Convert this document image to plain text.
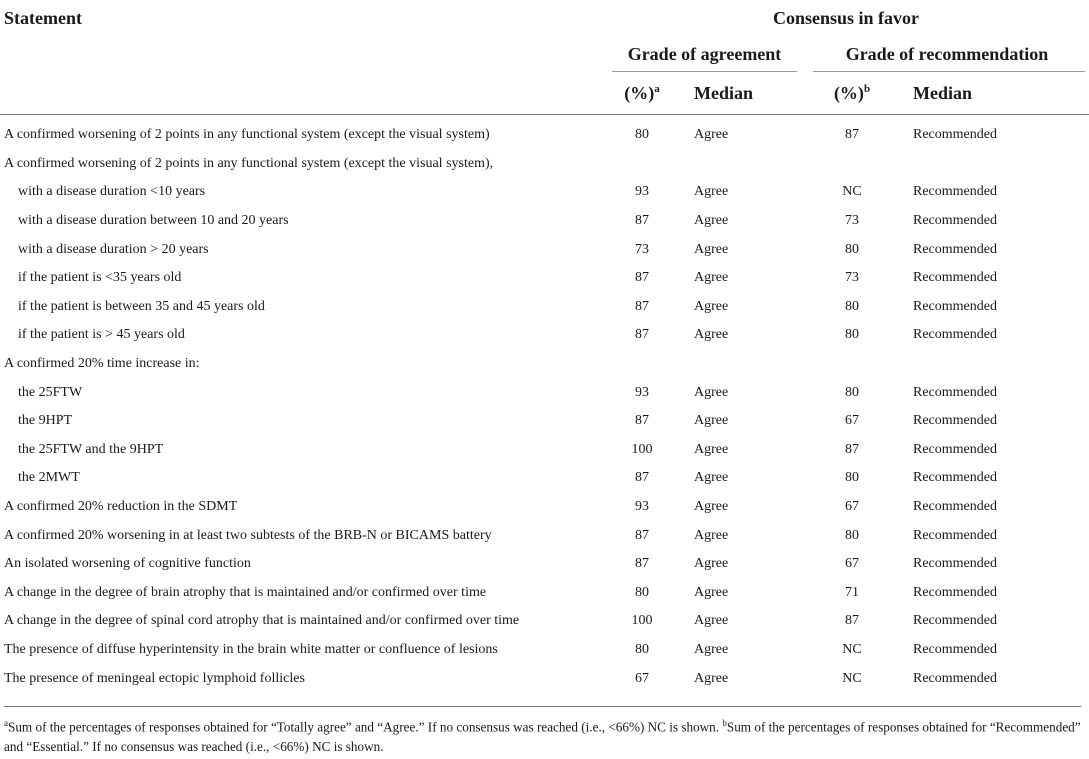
Statement	Consensus in favor			
	Grade of agreement		Grade of recommendation	
	(%)$^a$	Median	(%)$^b$	Median
A confirmed worsening of 2 points in any functional system (except the visual system)	80	Agree	87	Recommended
A confirmed worsening of 2 points in any functional system (except the visual system),				
with a disease duration <10 years	93	Agree	NC	Recommended
with a disease duration between 10 and 20 years	87	Agree	73	Recommended
with a disease duration > 20 years	73	Agree	80	Recommended
if the patient is <35 years old	87	Agree	73	Recommended
if the patient is between 35 and 45 years old	87	Agree	80	Recommended
if the patient is > 45 years old	87	Agree	80	Recommended
A confirmed 20% time increase in:				
the 25FTW	93	Agree	80	Recommended
the 9HPT	87	Agree	67	Recommended
the 25FTW and the 9HPT	100	Agree	87	Recommended
the 2MWT	87	Agree	80	Recommended
A confirmed 20% reduction in the SDMT	93	Agree	67	Recommended
A confirmed 20% worsening in at least two subtests of the BRB-N or BICAMS battery	87	Agree	80	Recommended
An isolated worsening of cognitive function	87	Agree	67	Recommended
A change in the degree of brain atrophy that is maintained and/or confirmed over time	80	Agree	71	Recommended
A change in the degree of spinal cord atrophy that is maintained and/or confirmed over time	100	Agree	87	Recommended
The presence of diffuse hyperintensity in the brain white matter or confluence of lesions	80	Agree	NC	Recommended
The presence of meningeal ectopic lymphoid follicles	67	Agree	NC	Recommended
$^a$Sum of the percentages of responses obtained for “Totally agree” and “Agree.” If no consensus was reached (i.e., <66%) NC is shown. $^b$Sum of the percentages of responses obtained for “Recommended” and “Essential.” If no consensus was reached (i.e., <66%) NC is shown.
